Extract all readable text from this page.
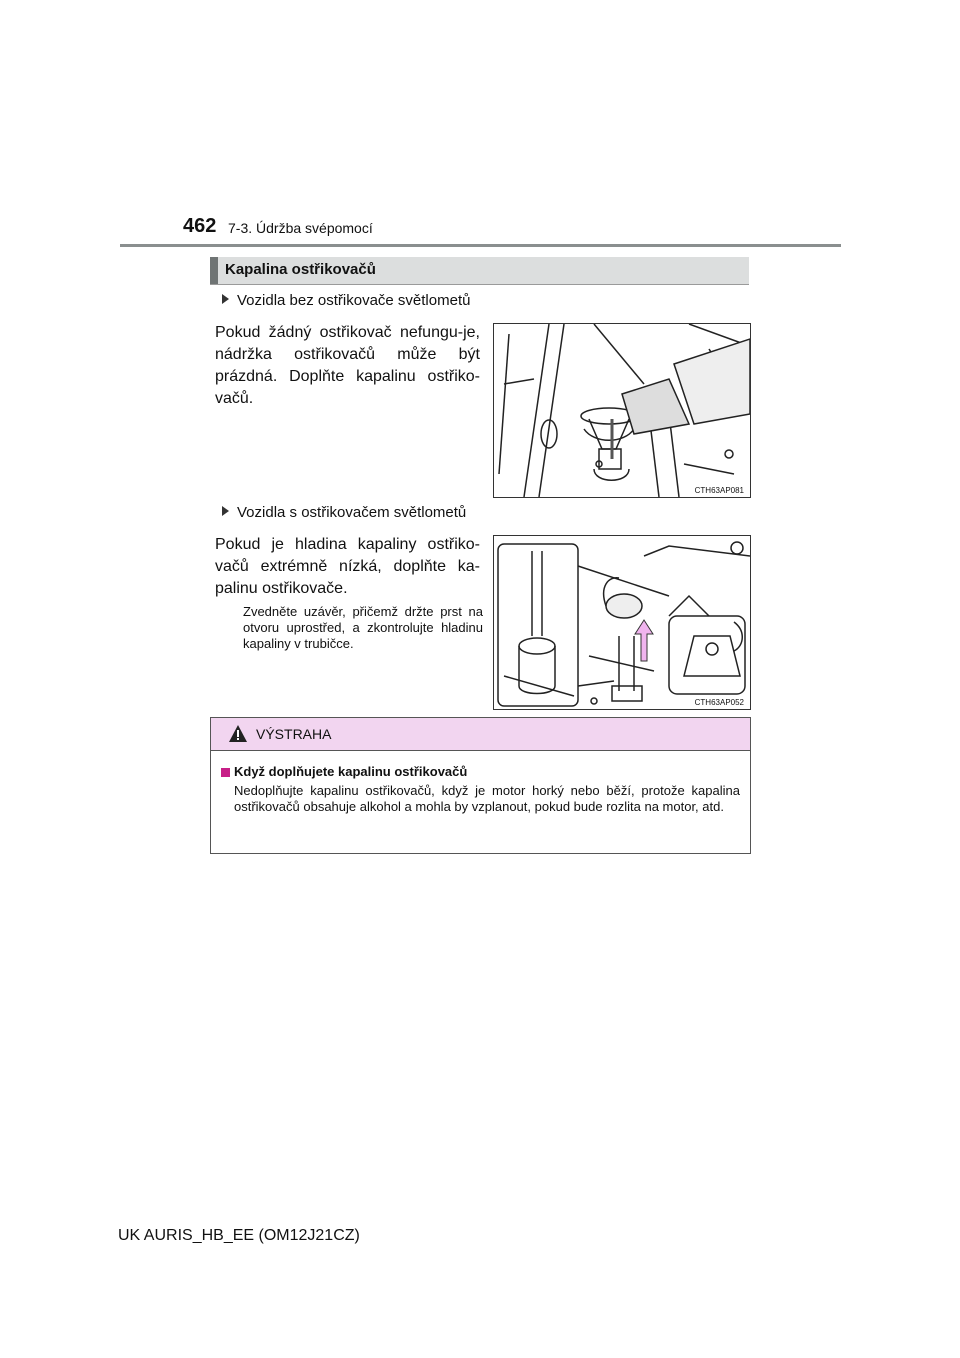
462 7-3. Údržba svépomocí
Kapalina ostřikovačů
Vozidla bez ostřikovače světlometů
Pokud žádný ostřikovač nefungu-je, nádržka ostřikovačů může být prázdná. Doplňte kapalinu ostřiko-vačů.
CTH63AP081
Vozidla s ostřikovačem světlometů
Pokud je hladina kapaliny ostřiko-vačů extrémně nízká, doplňte ka-palinu ostřikovače.
Zvedněte uzávěr, přičemž držte prst na otvoru uprostřed, a zkontrolujte hladinu kapaliny v trubičce.
CTH63AP052
VÝSTRAHA
Když doplňujete kapalinu ostřikovačů
Nedoplňujte kapalinu ostřikovačů, když je motor horký nebo běží, protože kapalina ostřikovačů obsahuje alkohol a mohla by vzplanout, pokud bude rozlita na motor, atd.
UK AURIS_HB_EE (OM12J21CZ)
